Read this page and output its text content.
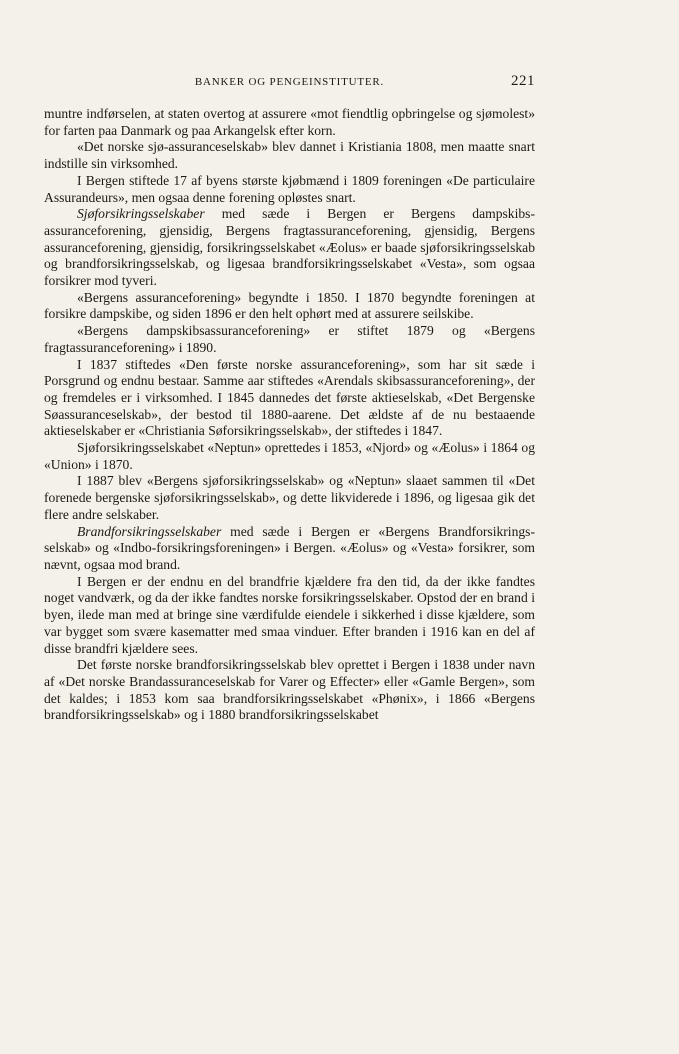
BANKER OG PENGEINSTITUTER.	221

muntre indførselen, at staten overtog at assurere «mot fiendtlig opbringelse og sjømolest» for farten paa Danmark og paa Arkangelsk efter korn.

«Det norske sjø-assuranceselskab» blev dannet i Kristiania 1808, men maatte snart indstille sin virksomhed.

I Bergen stiftede 17 af byens største kjøbmænd i 1809 foreningen «De particulaire Assurandeurs», men ogsaa denne forening opløstes snart.

Sjøforsikringsselskaber med sæde i Bergen er Bergens dampskibs-assuranceforening, gjensidig, Bergens fragtassuranceforening, gjensidig, Bergens assuranceforening, gjensidig, forsikringsselskabet «Æolus» er baade sjøforsikringsselskab og brandforsikringsselskab, og ligesaa brandforsikringsselskabet «Vesta», som ogsaa forsikrer mod tyveri.

«Bergens assuranceforening» begyndte i 1850. I 1870 begyndte foreningen at forsikre dampskibe, og siden 1896 er den helt ophørt med at assurere seilskibe.

«Bergens dampskibsassuranceforening» er stiftet 1879 og «Bergens fragtassuranceforening» i 1890.

I 1837 stiftedes «Den første norske assuranceforening», som har sit sæde i Porsgrund og endnu bestaar. Samme aar stiftedes «Arendals skibsassuranceforening», der og fremdeles er i virksomhed. I 1845 dannedes det første aktieselskab, «Det Bergenske Søassuranceselskab», der bestod til 1880-aarene. Det ældste af de nu bestaaende aktieselskaber er «Christiania Søforsikringsselskab», der stiftedes i 1847.

Sjøforsikringsselskabet «Neptun» oprettedes i 1853, «Njord» og «Æolus» i 1864 og «Union» i 1870.

I 1887 blev «Bergens sjøforsikringsselskab» og «Neptun» slaaet sammen til «Det forenede bergenske sjøforsikringsselskab», og dette likviderede i 1896, og ligesaa gik det flere andre selskaber.

Brandforsikringsselskaber med sæde i Bergen er «Bergens Brandforsikrings-selskab» og «Indbo-forsikringsforeningen» i Bergen. «Æolus» og «Vesta» forsikrer, som nævnt, ogsaa mod brand.

I Bergen er der endnu en del brandfrie kjældere fra den tid, da der ikke fandtes noget vandværk, og da der ikke fandtes norske forsikringsselskaber. Opstod der en brand i byen, ilede man med at bringe sine værdifulde eiendele i sikkerhed i disse kjældere, som var bygget som svære kasematter med smaa vinduer. Efter branden i 1916 kan en del af disse brandfri kjældere sees.

Det første norske brandforsikringsselskab blev oprettet i Bergen i 1838 under navn af «Det norske Brandassuranceselskab for Varer og Effecter» eller «Gamle Bergen», som det kaldes; i 1853 kom saa brandforsikringsselskabet «Phønix», i 1866 «Bergens brandforsikringsselskab» og i 1880 brandforsikringsselskabet
